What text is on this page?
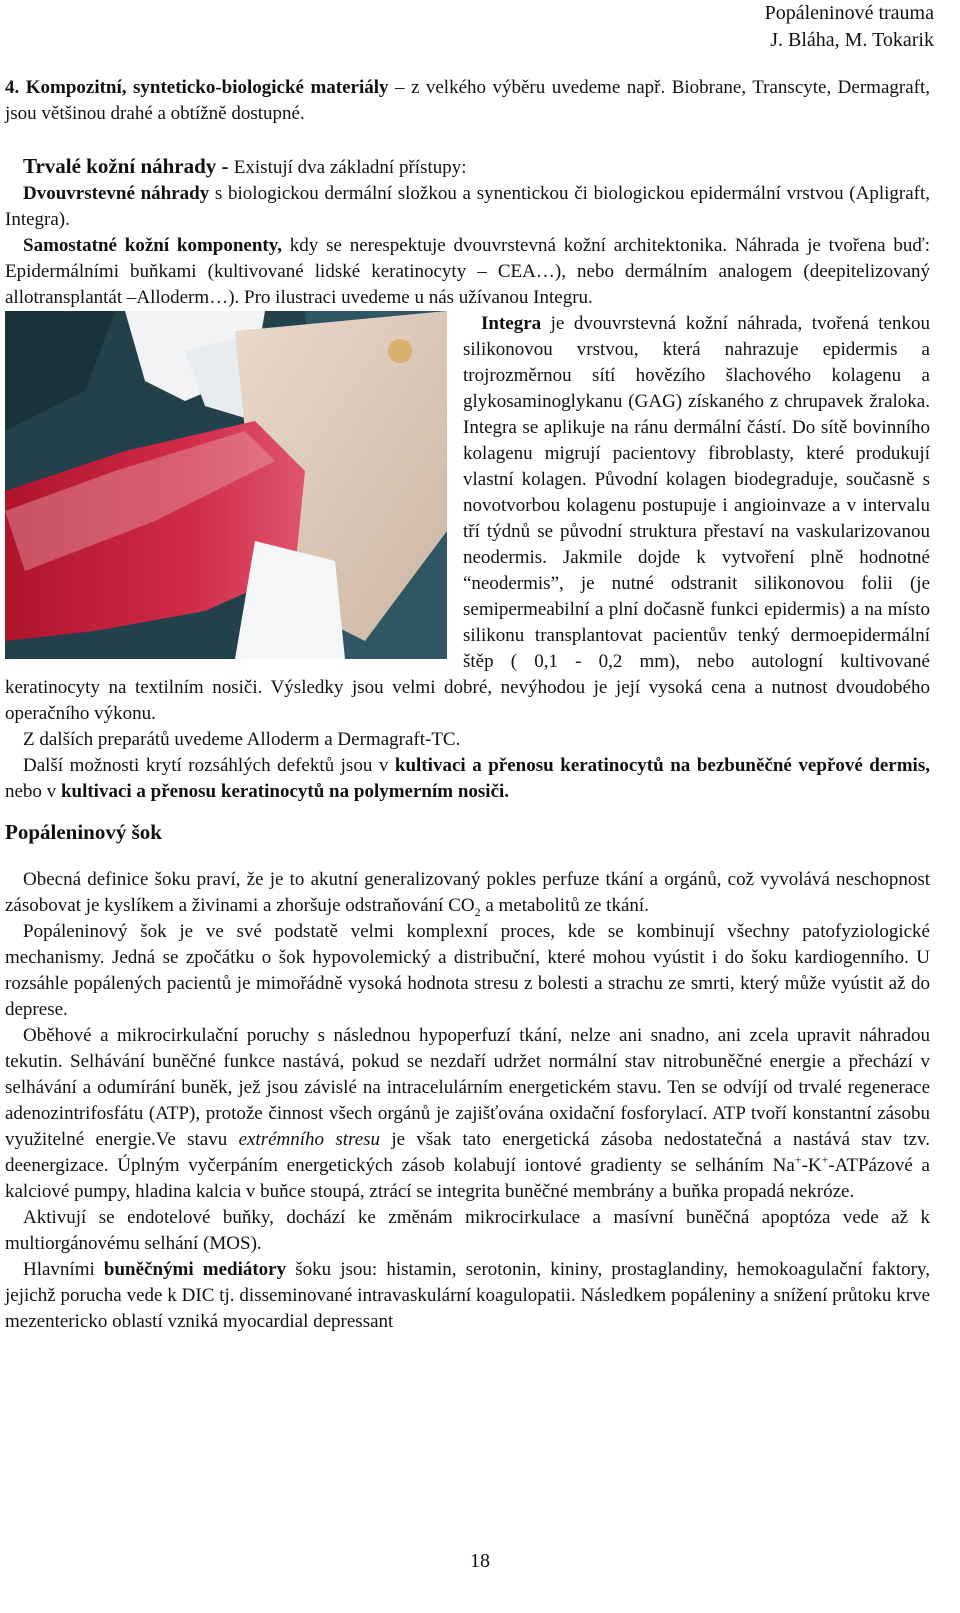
Popáleninové trauma
J. Bláha, M. Tokarik

4. Kompozitní, synteticko-biologické materiály – z velkého výběru uvedeme např. Biobrane, Transcyte, Dermagraft, jsou většinou drahé a obtížně dostupné.

Trvalé kožní náhrady - Existují dva základní přístupy:

Dvouvrstevné náhrady s biologickou dermální složkou a synentickou či biologickou epidermální vrstvou (Apligraft, Integra).

Samostatné kožní komponenty, kdy se nerespektuje dvouvrstevná kožní architektonika. Náhrada je tvořena buď: Epidermálními buňkami (kultivované lidské keratinocyty – CEA…), nebo dermálním analogem (deepitelizovaný allotransplantát –Alloderm…). Pro ilustraci uvedeme u nás užívanou Integru.

Integra je dvouvrstevná kožní náhrada, tvořená tenkou silikonovou vrstvou, která nahrazuje epidermis a trojrozměrnou sítí hovězího šlachového kolagenu a glykosaminoglykanu (GAG) získaného z chrupavek žraloka. Integra se aplikuje na ránu dermální částí. Do sítě bovinního kolagenu migrují pacientovy fibroblasty, které produkují vlastní kolagen. Původní kolagen biodegraduje, současně s novotvorbou kolagenu postupuje i angioinvaze a v intervalu tří týdnů se původní struktura přestaví na vaskularizovanou neodermis. Jakmile dojde k vytvoření plně hodnotné “neodermis”, je nutné odstranit silikonovou folii (je semipermeabilní a plní dočasně funkci epidermis) a na místo silikonu transplantovat pacientův tenký dermoepidermální štěp ( 0,1 - 0,2 mm), nebo autologní kultivované keratinocyty na textilním nosiči. Výsledky jsou velmi dobré, nevýhodou je její vysoká cena a nutnost dvoudobého operačního výkonu.

Z dalších preparátů uvedeme Alloderm a Dermagraft-TC.

Další možnosti krytí rozsáhlých defektů jsou v kultivaci a přenosu keratinocytů na bezbuněčné vepřové dermis, nebo v kultivaci a přenosu keratinocytů na polymerním nosiči.

Popáleninový šok

Obecná definice šoku praví, že je to akutní generalizovaný pokles perfuze tkání a orgánů, což vyvolává neschopnost zásobovat je kyslíkem a živinami a zhoršuje odstraňování $CO_2$ a metabolitů ze tkání.

Popáleninový šok je ve své podstatě velmi komplexní proces, kde se kombinují všechny patofyziologické mechanismy. Jedná se zpočátku o šok hypovolemický a distribuční, které mohou vyústit i do šoku kardiogenního. U rozsáhle popálených pacientů je mimořádně vysoká hodnota stresu z bolesti a strachu ze smrti, který může vyústit až do deprese.

Oběhové a mikrocirkulační poruchy s následnou hypoperfuzí tkání, nelze ani snadno, ani zcela upravit náhradou tekutin. Selhávání buněčné funkce nastává, pokud se nezdaří udržet normální stav nitrobuněčné energie a přechází v selhávání a odumírání buněk, jež jsou závislé na intracelulárním energetickém stavu. Ten se odvíjí od trvalé regenerace adenozintrifosfátu (ATP), protože činnost všech orgánů je zajišťována oxidační fosforylací. ATP tvoří konstantní zásobu využitelné energie.Ve stavu extrémního stresu je však tato energetická zásoba nedostatečná a nastává stav tzv. deenergizace. Úplným vyčerpáním energetických zásob kolabují iontové gradienty se selháním Na+-K+-ATPázové a kalciové pumpy, hladina kalcia v buňce stoupá, ztrácí se integrita buněčné membrány a buňka propadá nekróze.

Aktivují se endotelové buňky, dochází ke změnám mikrocirkulace a masívní buněčná apoptóza vede až k multiorgánovému selhání (MOS).

Hlavními buněčnými mediátory šoku jsou: histamin, serotonin, kininy, prostaglandiny, hemokoagulační faktory, jejichž porucha vede k DIC tj. disseminované intravaskulární koagulopatii. Následkem popáleniny a snížení průtoku krve mezentericko oblastí vzniká myocardial depressant

18
